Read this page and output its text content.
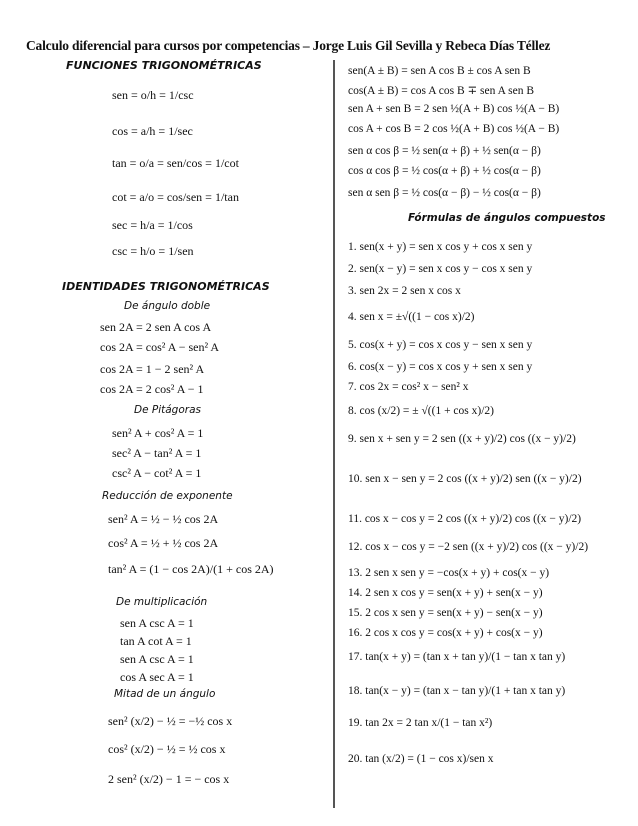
Calculo diferencial para cursos por competencias – Jorge Luis Gil Sevilla y Rebeca Días Téllez
FUNCIONES TRIGONOMÉTRICAS
IDENTIDADES TRIGONOMÉTRICAS
De ángulo doble
De Pitágoras
Reducción de exponente
De multiplicación
Mitad de un ángulo
Fórmulas de ángulos compuestos
sen = o/h = 1/csc
cos = a/h = 1/sec
tan = o/a = sen/cos = 1/cot
cot = a/o = cos/sen = 1/tan
sec = h/a = 1/cos
csc = h/o = 1/sen
sen 2A = 2 sen A cos A
cos 2A = cos² A − sen² A
cos 2A = 1 − 2 sen² A
cos 2A = 2 cos² A − 1
sen² A + cos² A = 1
sec² A − tan² A = 1
csc² A − cot² A = 1
sen² A = ½ − ½ cos 2A
cos² A = ½ + ½ cos 2A
tan² A = (1 − cos 2A)/(1 + cos 2A)
sen A csc A = 1
tan A cot A = 1
sen A csc A = 1
cos A sec A = 1
sen² (x/2) − ½ = −½ cos x
cos² (x/2) − ½ = ½ cos x
2 sen² (x/2) − 1 = − cos x
sen(A ± B) = sen A cos B ± cos A sen B
cos(A ± B) = cos A cos B ∓ sen A sen B
sen A + sen B = 2 sen ½(A + B) cos ½(A − B)
cos A + cos B = 2 cos ½(A + B) cos ½(A − B)
sen α cos β = ½ sen(α + β) + ½ sen(α − β)
cos α cos β = ½ cos(α + β) + ½ cos(α − β)
sen α sen β = ½ cos(α − β) − ½ cos(α − β)
1. sen(x + y) = sen x cos y + cos x sen y
2. sen(x − y) = sen x cos y − cos x sen y
3. sen 2x = 2 sen x cos x
4. sen x = ±√((1 − cos x)/2)
5. cos(x + y) = cos x cos y − sen x sen y
6. cos(x − y) = cos x cos y + sen x sen y
7. cos 2x = cos² x − sen² x
8. cos (x/2) = ± √((1 + cos x)/2)
9. sen x + sen y = 2 sen ((x + y)/2) cos ((x − y)/2)
10. sen x − sen y = 2 cos ((x + y)/2) sen ((x − y)/2)
11. cos x − cos y = 2 cos ((x + y)/2) cos ((x − y)/2)
12. cos x − cos y = −2 sen ((x + y)/2) cos ((x − y)/2)
13. 2 sen x sen y = −cos(x + y) + cos(x − y)
14. 2 sen x cos y = sen(x + y) + sen(x − y)
15. 2 cos x sen y = sen(x + y) − sen(x − y)
16. 2 cos x cos y = cos(x + y) + cos(x − y)
17. tan(x + y) = (tan x + tan y)/(1 − tan x tan y)
18. tan(x − y) = (tan x − tan y)/(1 + tan x tan y)
19. tan 2x = 2 tan x/(1 − tan x²)
20. tan (x/2) = (1 − cos x)/sen x
